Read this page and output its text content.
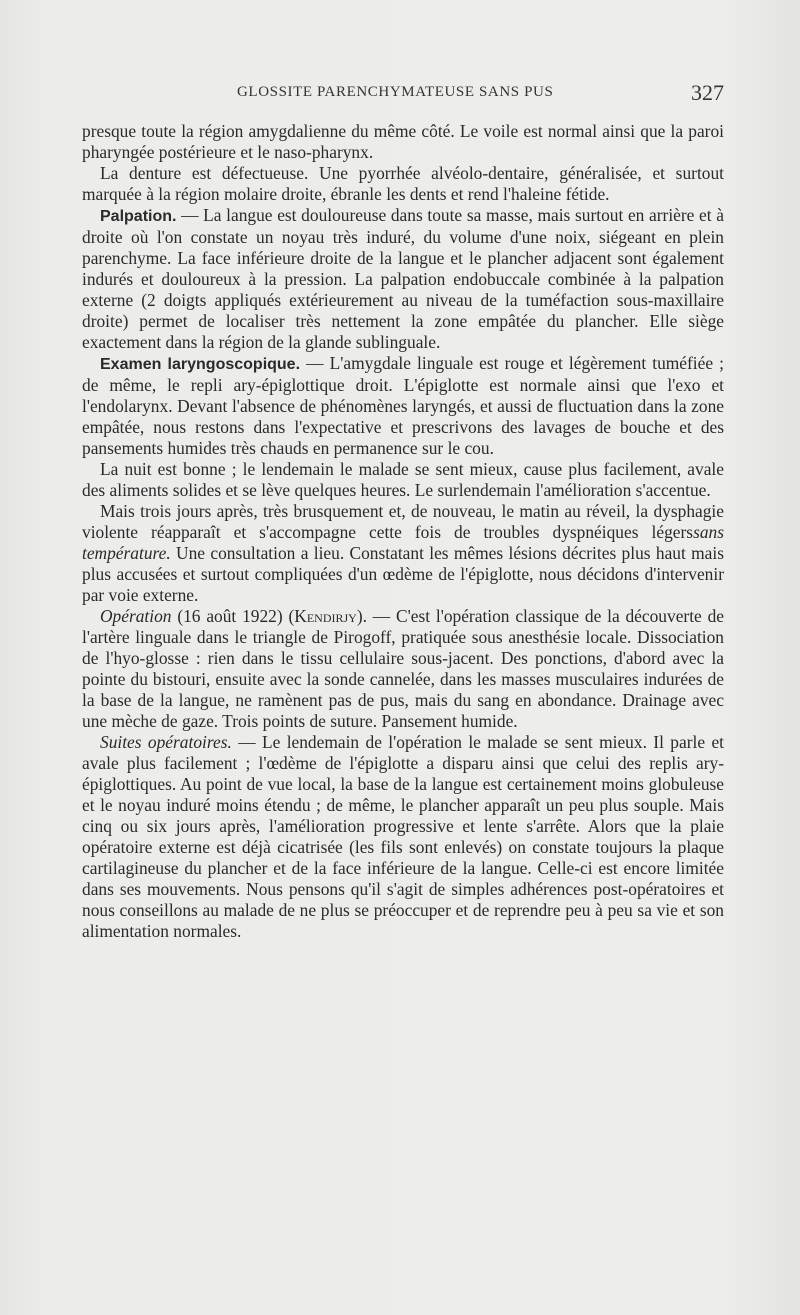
GLOSSITE PARENCHYMATEUSE SANS PUS	327

presque toute la région amygdalienne du même côté. Le voile est normal ainsi que la paroi pharyngée postérieure et le naso-pharynx.

La denture est défectueuse. Une pyorrhée alvéolo-dentaire, généralisée, et surtout marquée à la région molaire droite, ébranle les dents et rend l'haleine fétide.

Palpation. — La langue est douloureuse dans toute sa masse, mais surtout en arrière et à droite où l'on constate un noyau très induré, du volume d'une noix, siégeant en plein parenchyme. La face inférieure droite de la langue et le plancher adjacent sont également indurés et douloureux à la pression. La palpation endobuccale combinée à la palpation externe (2 doigts appliqués extérieurement au niveau de la tuméfaction sous-maxillaire droite) permet de localiser très nettement la zone empâtée du plancher. Elle siège exactement dans la région de la glande sublinguale.

Examen laryngoscopique. — L'amygdale linguale est rouge et légèrement tuméfiée ; de même, le repli ary-épiglottique droit. L'épiglotte est normale ainsi que l'exo et l'endolarynx. Devant l'absence de phénomènes laryngés, et aussi de fluctuation dans la zone empâtée, nous restons dans l'expectative et prescrivons des lavages de bouche et des pansements humides très chauds en permanence sur le cou.

La nuit est bonne ; le lendemain le malade se sent mieux, cause plus facilement, avale des aliments solides et se lève quelques heures. Le surlendemain l'amélioration s'accentue.

Mais trois jours après, très brusquement et, de nouveau, le matin au réveil, la dysphagie violente réapparaît et s'accompagne cette fois de troubles dyspnéiques légerssans température. Une consultation a lieu. Constatant les mêmes lésions décrites plus haut mais plus accusées et surtout compliquées d'un œdème de l'épiglotte, nous décidons d'intervenir par voie externe.

Opération (16 août 1922) (Kendirjy). — C'est l'opération classique de la découverte de l'artère linguale dans le triangle de Pirogoff, pratiquée sous anesthésie locale. Dissociation de l'hyo-glosse : rien dans le tissu cellulaire sous-jacent. Des ponctions, d'abord avec la pointe du bistouri, ensuite avec la sonde cannelée, dans les masses musculaires indurées de la base de la langue, ne ramènent pas de pus, mais du sang en abondance. Drainage avec une mèche de gaze. Trois points de suture. Pansement humide.

Suites opératoires. — Le lendemain de l'opération le malade se sent mieux. Il parle et avale plus facilement ; l'œdème de l'épiglotte a disparu ainsi que celui des replis ary-épiglottiques. Au point de vue local, la base de la langue est certainement moins globuleuse et le noyau induré moins étendu ; de même, le plancher apparaît un peu plus souple. Mais cinq ou six jours après, l'amélioration progressive et lente s'arrête. Alors que la plaie opératoire externe est déjà cicatrisée (les fils sont enlevés) on constate toujours la plaque cartilagineuse du plancher et de la face inférieure de la langue. Celle-ci est encore limitée dans ses mouvements. Nous pensons qu'il s'agit de simples adhérences post-opératoires et nous conseillons au malade de ne plus se préoccuper et de reprendre peu à peu sa vie et son alimentation normales.
